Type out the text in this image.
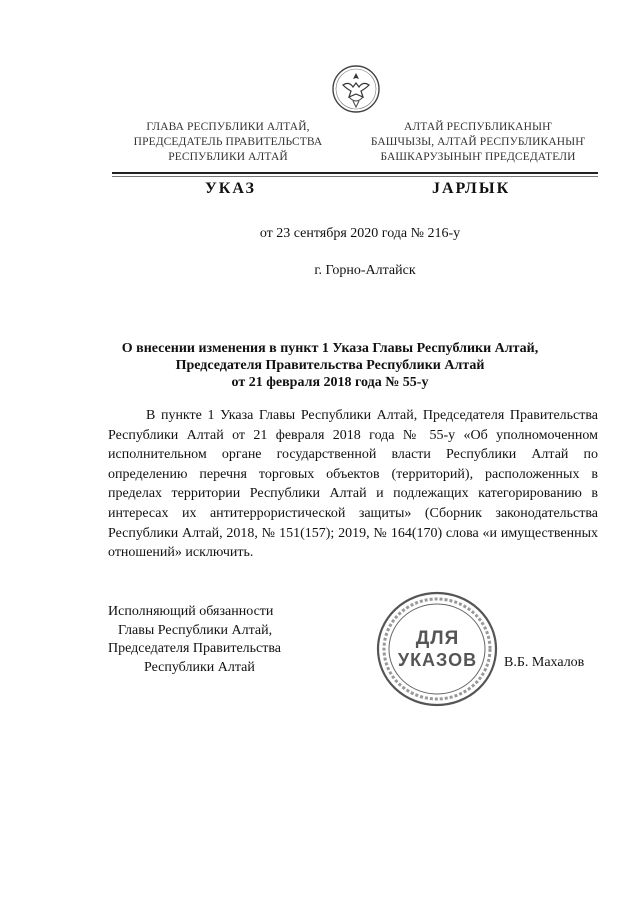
ГЛАВА РЕСПУБЛИКИ АЛТАЙ,
ПРЕДСЕДАТЕЛЬ ПРАВИТЕЛЬСТВА
РЕСПУБЛИКИ АЛТАЙ
АЛТАЙ РЕСПУБЛИКАНЫҤ
БАШЧЫЗЫ, АЛТАЙ РЕСПУБЛИКАНЫҤ
БАШКАРУЗЫНЫҤ ПРЕДСЕДАТЕЛИ
УКАЗ	ЈАРЛЫК
от 23 сентября 2020 года № 216-у
г. Горно-Алтайск
О внесении изменения в пункт 1 Указа Главы Республики Алтай,
Председателя Правительства Республики Алтай
от 21 февраля 2018 года № 55-у
В пункте 1 Указа Главы Республики Алтай, Председателя Правительства Республики Алтай от 21 февраля 2018 года № 55-у «Об уполномоченном исполнительном органе государственной власти Республики Алтай по определению перечня торговых объектов (территорий), расположенных в пределах территории Республики Алтай и подлежащих категорированию в интересах их антитеррористической защиты» (Сборник законодательства Республики Алтай, 2018, № 151(157); 2019, № 164(170) слова «и имущественных отношений» исключить.
Исполняющий обязанности
Главы Республики Алтай,
Председателя Правительства
Республики Алтай
ДЛЯ
УКАЗОВ	В.Б. Махалов
